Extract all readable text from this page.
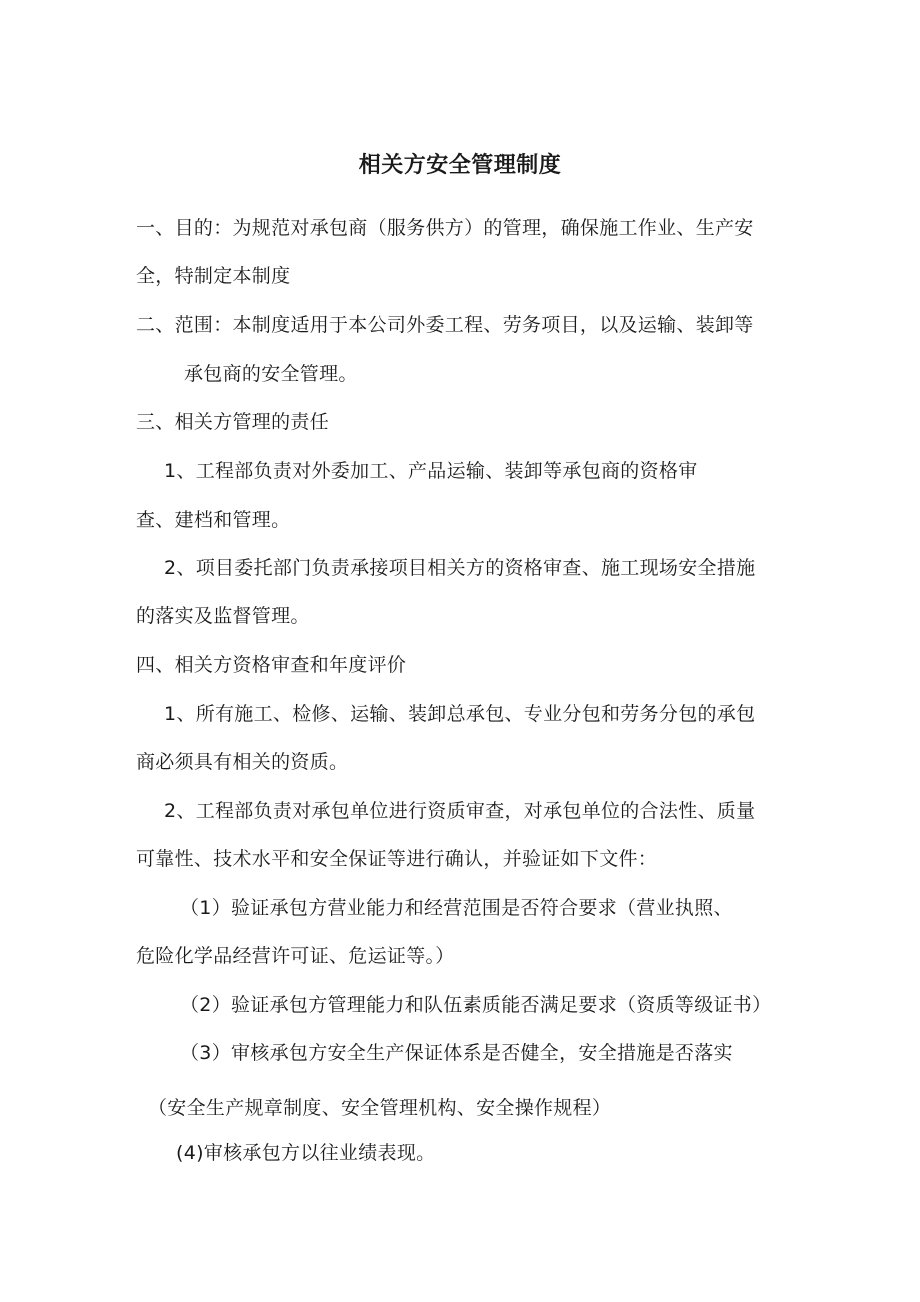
相关方安全管理制度
一、目的：为规范对承包商（服务供方）的管理，确保施工作业、生产安
全，特制定本制度
二、范围：本制度适用于本公司外委工程、劳务项目，以及运输、装卸等
承包商的安全管理。
三、相关方管理的责任
1、工程部负责对外委加工、产品运输、装卸等承包商的资格审
查、建档和管理。
2、项目委托部门负责承接项目相关方的资格审查、施工现场安全措施
的落实及监督管理。
四、相关方资格审查和年度评价
1、所有施工、检修、运输、装卸总承包、专业分包和劳务分包的承包
商必须具有相关的资质。
2、工程部负责对承包单位进行资质审查，对承包单位的合法性、质量
可靠性、技术水平和安全保证等进行确认，并验证如下文件：
（1）验证承包方营业能力和经营范围是否符合要求（营业执照、
危险化学品经营许可证、危运证等。）
（2）验证承包方管理能力和队伍素质能否满足要求（资质等级证书）
（3）审核承包方安全生产保证体系是否健全，安全措施是否落实
（安全生产规章制度、安全管理机构、安全操作规程）
(4)审核承包方以往业绩表现。
